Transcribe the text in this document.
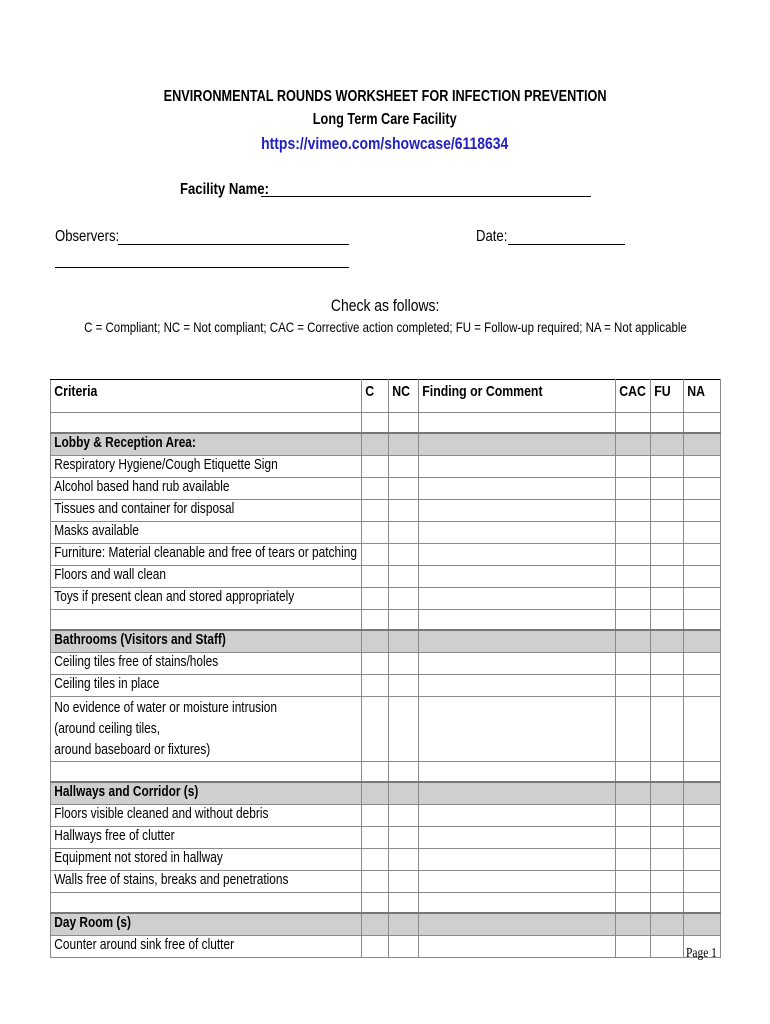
ENVIRONMENTAL ROUNDS WORKSHEET FOR INFECTION PREVENTION
Long Term Care Facility
https://vimeo.com/showcase/6118634
Facility Name:
Observers:	Date:
Check as follows:
C = Compliant; NC = Not compliant; CAC = Corrective action completed; FU = Follow-up required; NA = Not applicable
Criteria	C	NC	Finding or Comment	CAC	FU	NA

Lobby & Reception Area:						
Respiratory Hygiene/Cough Etiquette Sign						
Alcohol based hand rub available						
Tissues and container for disposal						
Masks available						
Furniture: Material cleanable and free of tears or patching						
Floors and wall clean						
Toys if present clean and stored appropriately						

Bathrooms (Visitors and Staff)						
Ceiling tiles free of stains/holes						
Ceiling tiles in place						
No evidence of water or moisture intrusion (around ceiling tiles,
around baseboard or fixtures)						

Hallways and Corridor (s)						
Floors visible cleaned and without debris						
Hallways free of clutter						
Equipment not stored in hallway						
Walls free of stains, breaks and penetrations						

Day Room (s)						
Counter around sink free of clutter							Page 1
